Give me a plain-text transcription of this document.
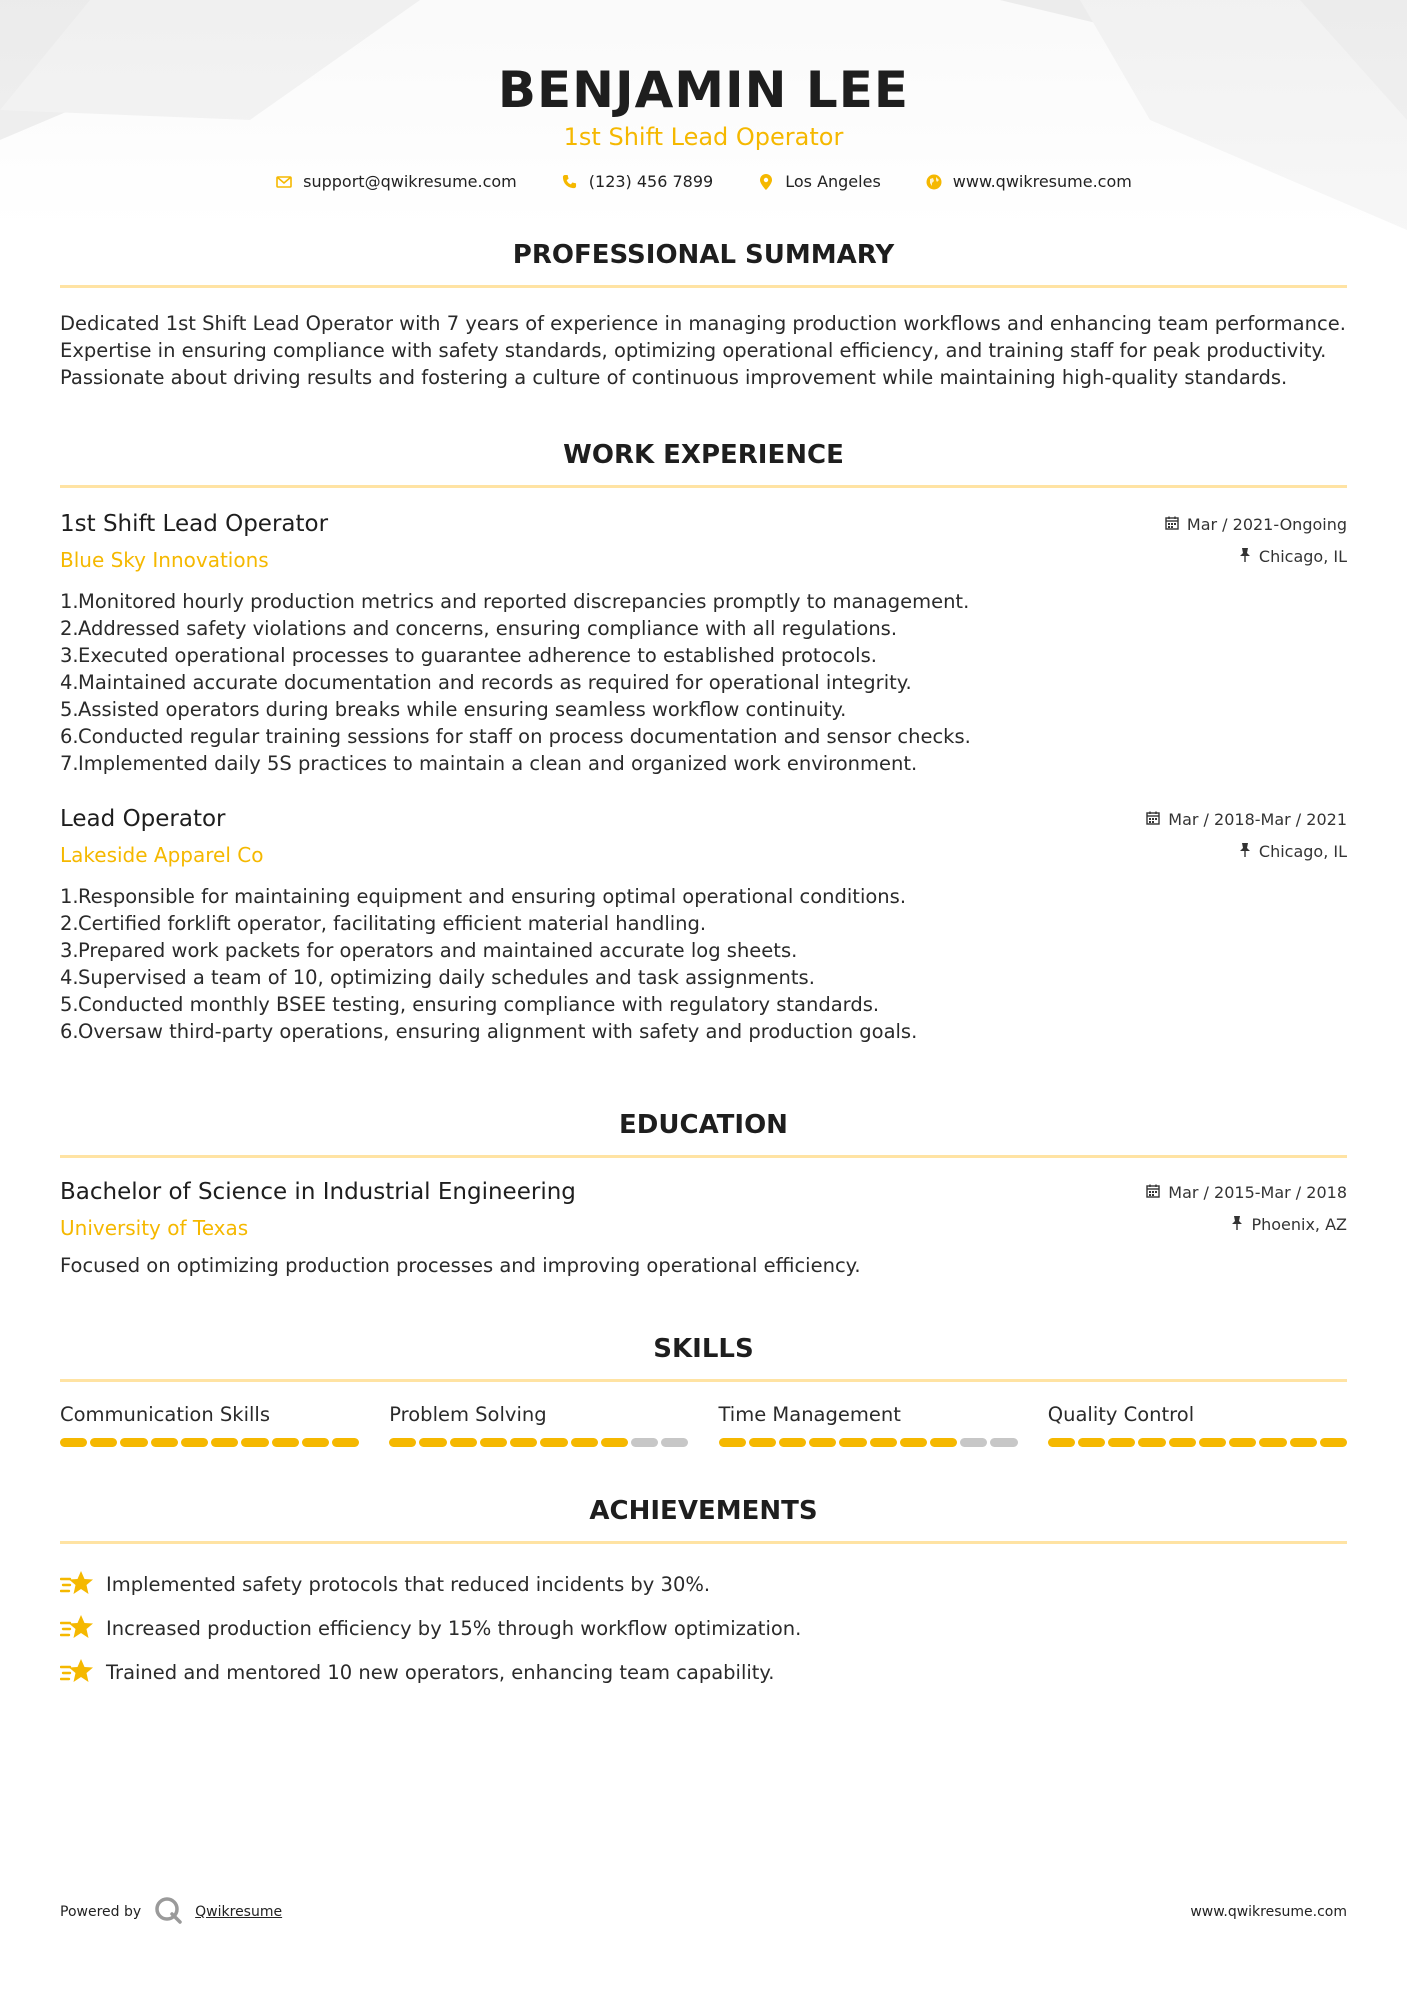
BENJAMIN LEE
1st Shift Lead Operator
support@qwikresume.com	(123) 456 7899	Los Angeles	www.qwikresume.com
PROFESSIONAL SUMMARY

Dedicated 1st Shift Lead Operator with 7 years of experience in managing production workflows and enhancing team performance. Expertise in ensuring compliance with safety standards, optimizing operational efficiency, and training staff for peak productivity. Passionate about driving results and fostering a culture of continuous improvement while maintaining high-quality standards.

WORK EXPERIENCE
1st Shift Lead Operator
Blue Sky Innovations
Mar / 2021-Ongoing
Chicago, IL
1. Monitored hourly production metrics and reported discrepancies promptly to management.
2. Addressed safety violations and concerns, ensuring compliance with all regulations.
3. Executed operational processes to guarantee adherence to established protocols.
4. Maintained accurate documentation and records as required for operational integrity.
5. Assisted operators during breaks while ensuring seamless workflow continuity.
6. Conducted regular training sessions for staff on process documentation and sensor checks.
7. Implemented daily 5S practices to maintain a clean and organized work environment.
Lead Operator
Lakeside Apparel Co
Mar / 2018-Mar / 2021
Chicago, IL
1. Responsible for maintaining equipment and ensuring optimal operational conditions.
2. Certified forklift operator, facilitating efficient material handling.
3. Prepared work packets for operators and maintained accurate log sheets.
4. Supervised a team of 10, optimizing daily schedules and task assignments.
5. Conducted monthly BSEE testing, ensuring compliance with regulatory standards.
6. Oversaw third-party operations, ensuring alignment with safety and production goals.
EDUCATION
Bachelor of Science in Industrial Engineering
University of Texas
Mar / 2015-Mar / 2018
Phoenix, AZ

Focused on optimizing production processes and improving operational efficiency.

SKILLS
Communication Skills	Problem Solving	Time Management	Quality Control
ACHIEVEMENTS
Implemented safety protocols that reduced incidents by 30%.
Increased production efficiency by 15% through workflow optimization.
Trained and mentored 10 new operators, enhancing team capability.
Powered by	Qwikresume	www.qwikresume.com
